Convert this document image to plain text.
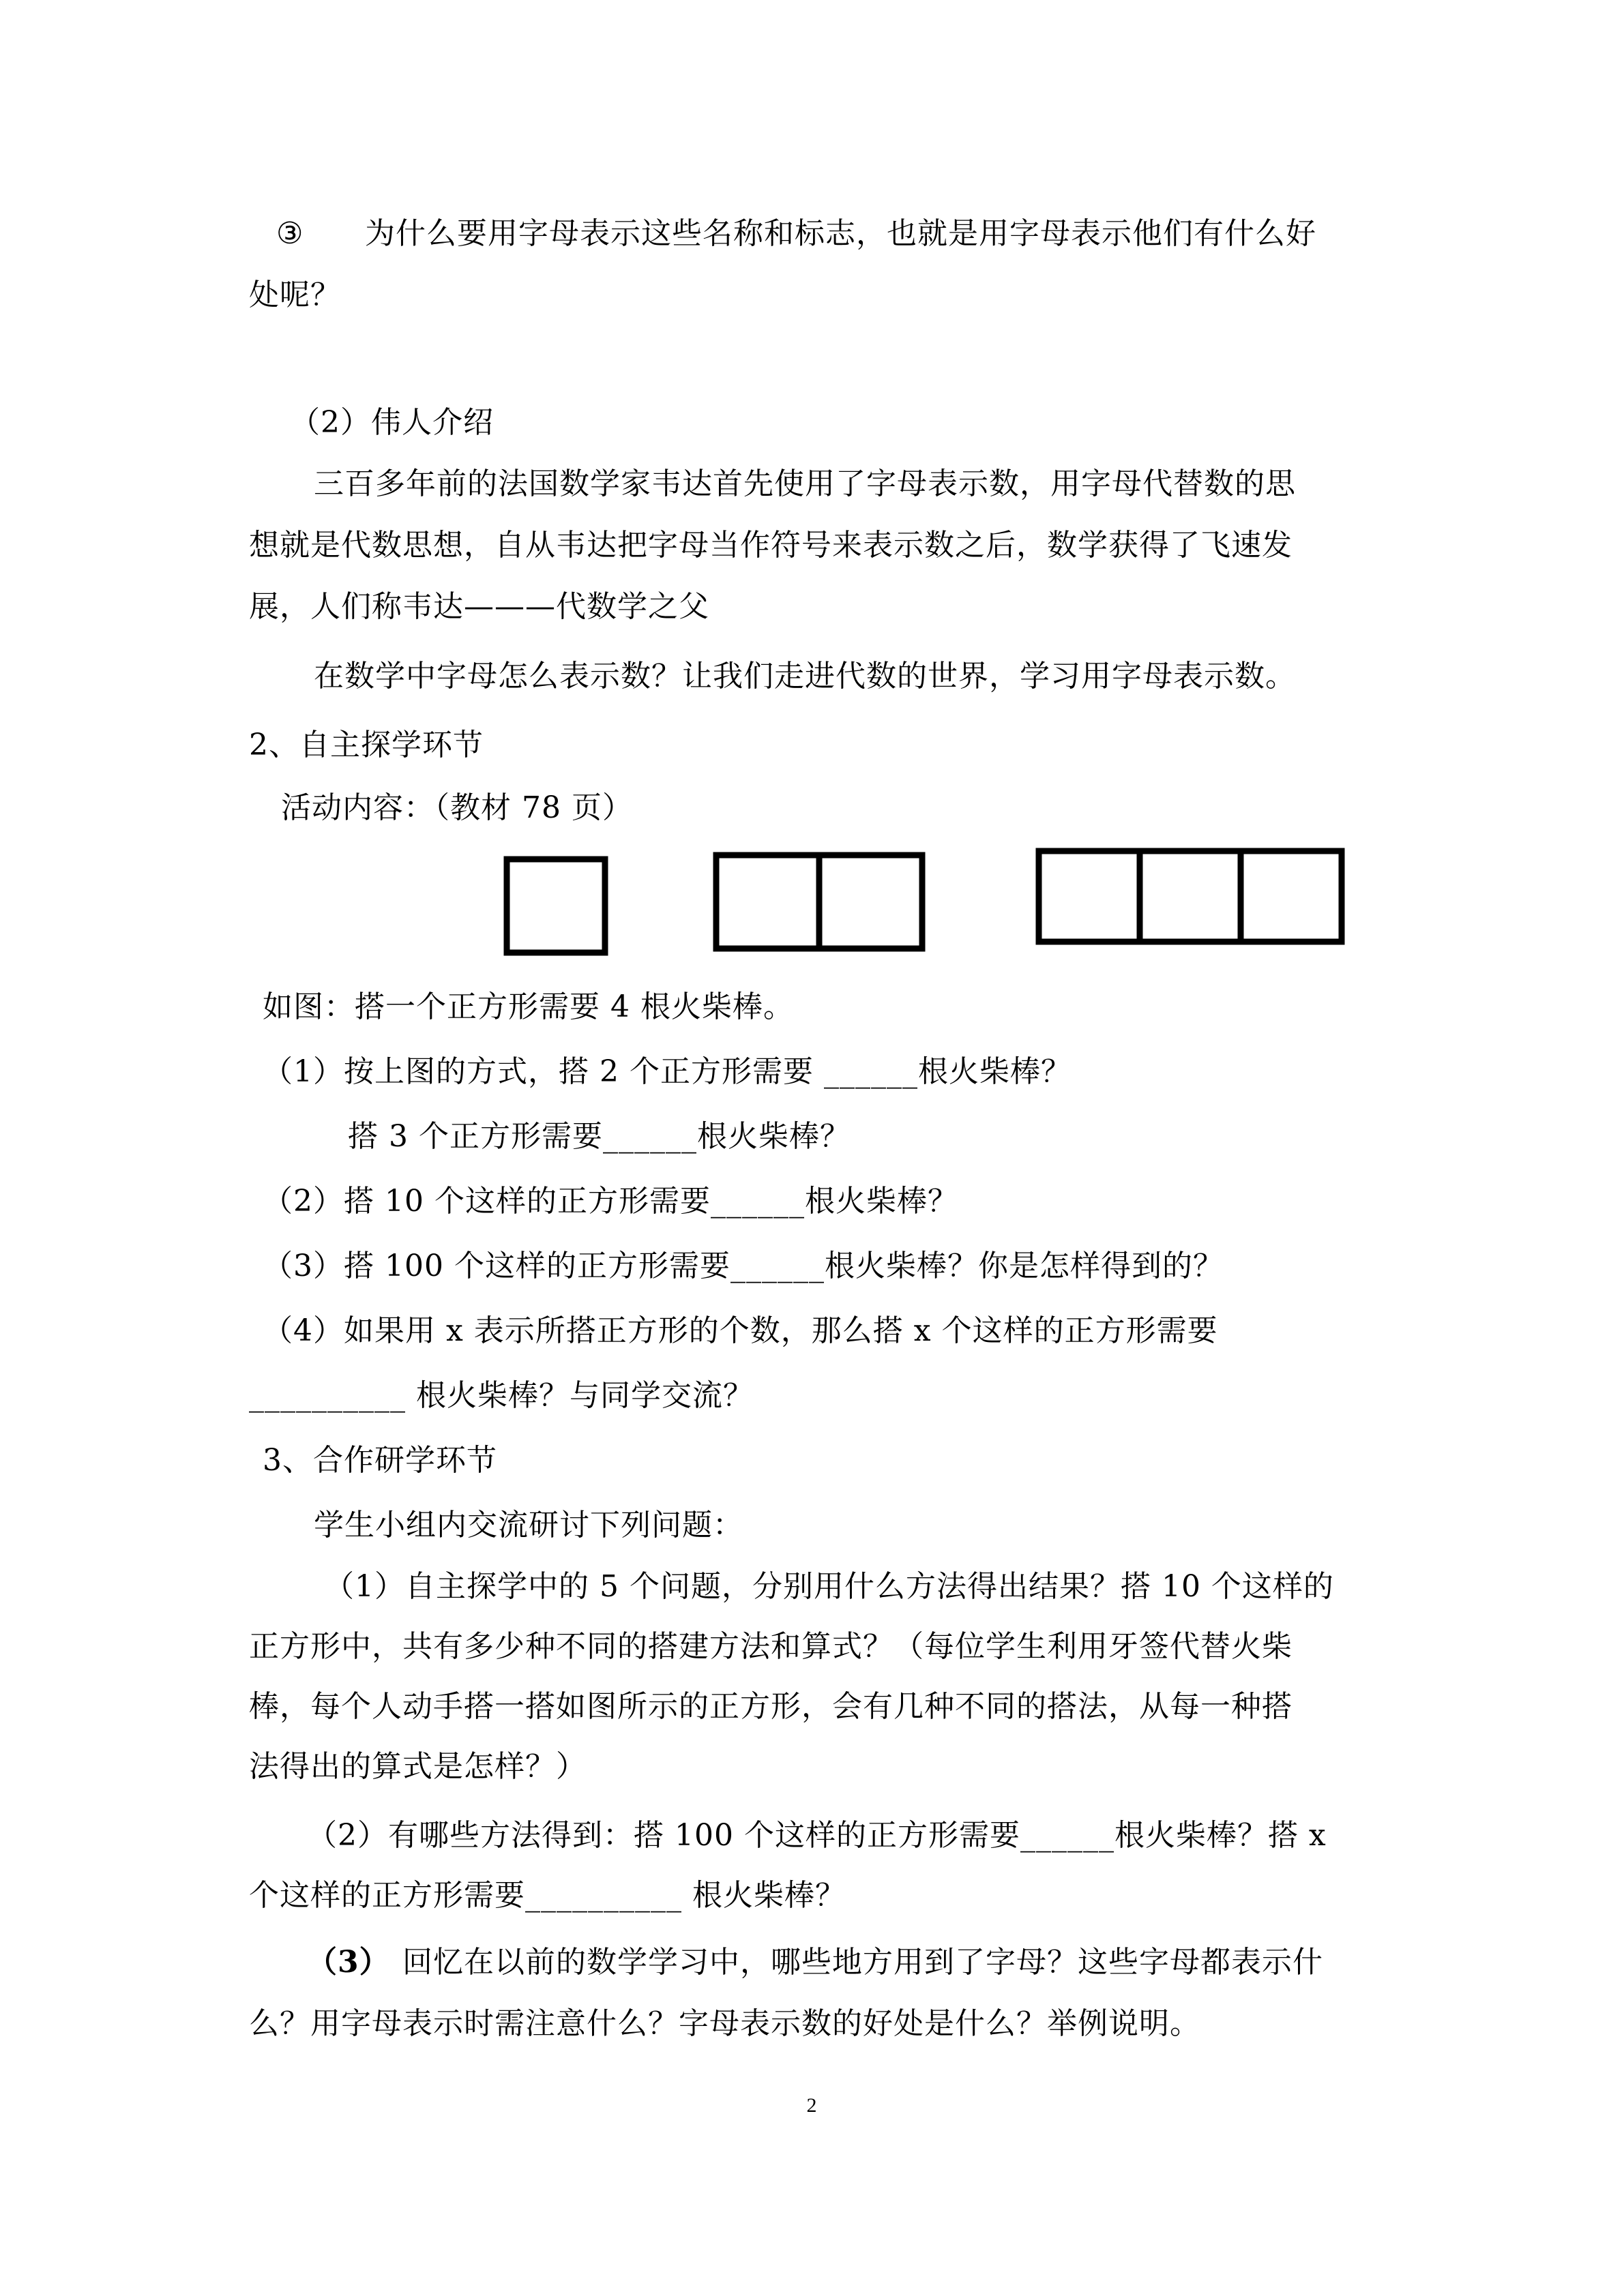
③ 为什么要用字母表示这些名称和标志，也就是用字母表示他们有什么好
处呢？
（2）伟人介绍
三百多年前的法国数学家韦达首先使用了字母表示数，用字母代替数的思
想就是代数思想，自从韦达把字母当作符号来表示数之后，数学获得了飞速发
展，人们称韦达———代数学之父
在数学中字母怎么表示数？让我们走进代数的世界，学习用字母表示数。
2、自主探学环节
活动内容：（教材 78 页）
如图：搭一个正方形需要 4 根火柴棒。
（1）按上图的方式，搭 2 个正方形需要 ______根火柴棒？
搭 3 个正方形需要______根火柴棒？
（2）搭 10 个这样的正方形需要______根火柴棒？
（3）搭 100 个这样的正方形需要______根火柴棒？你是怎样得到的？
（4）如果用 x 表示所搭正方形的个数，那么搭 x 个这样的正方形需要
__________ 根火柴棒？与同学交流？
3、合作研学环节
学生小组内交流研讨下列问题：
（1）自主探学中的 5 个问题，分别用什么方法得出结果？搭 10 个这样的
正方形中，共有多少种不同的搭建方法和算式？（每位学生利用牙签代替火柴
棒，每个人动手搭一搭如图所示的正方形，会有几种不同的搭法，从每一种搭
法得出的算式是怎样？）
（2）有哪些方法得到：搭 100 个这样的正方形需要______根火柴棒？搭 x
个这样的正方形需要__________ 根火柴棒？
（3） 回忆在以前的数学学习中，哪些地方用到了字母？这些字母都表示什
么？用字母表示时需注意什么？字母表示数的好处是什么？举例说明。
2
